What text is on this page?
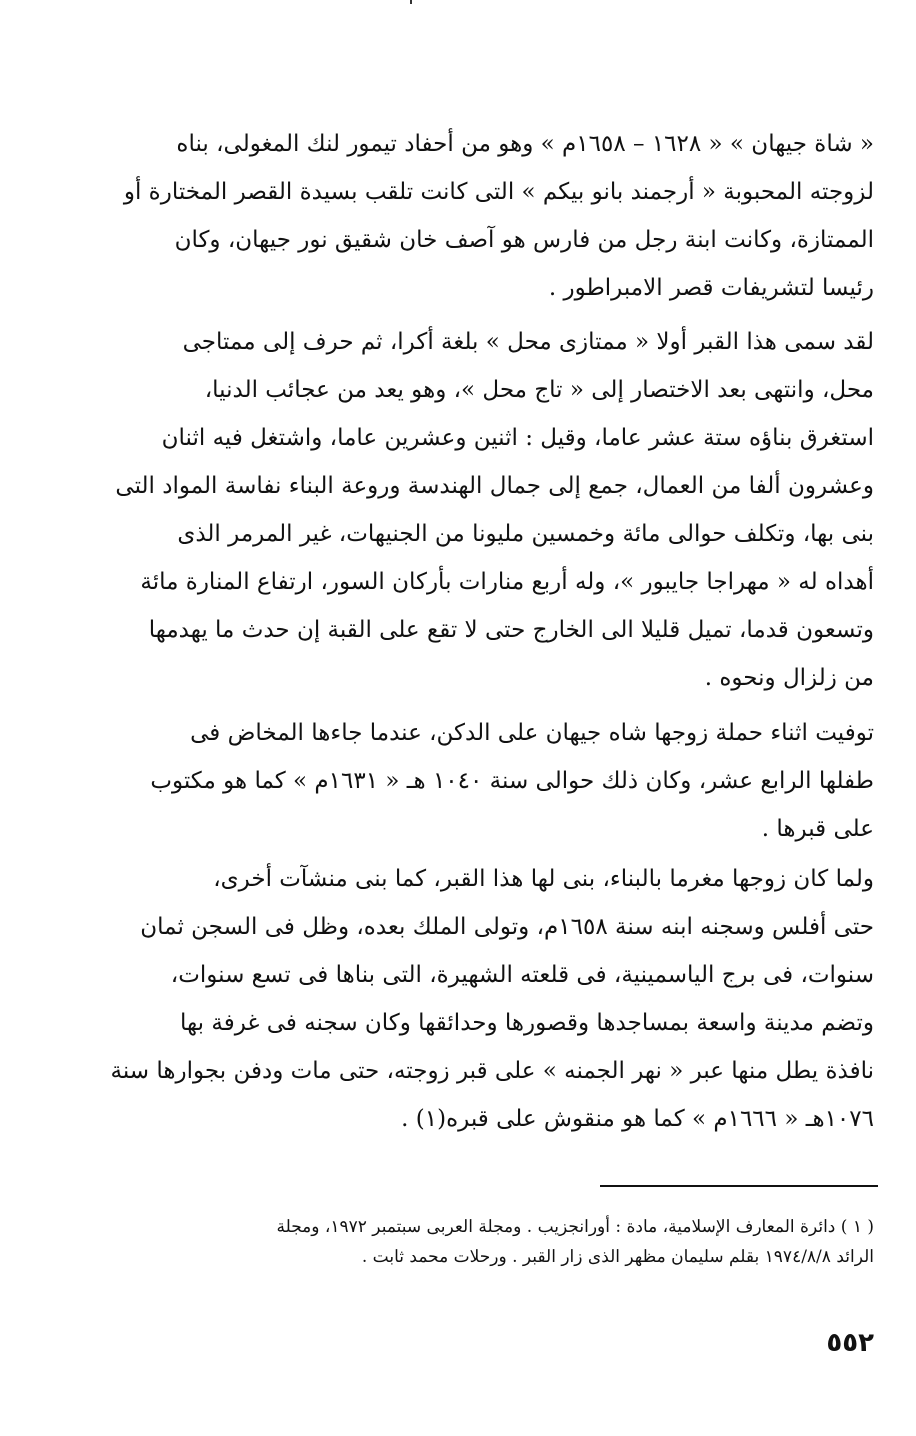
« شاة جيهان » « ١٦٢٨ – ١٦٥٨م » وهو من أحفاد تيمور لنك المغولى، بناه
لزوجته المحبوبة « أرجمند بانو بيكم » التى كانت تلقب بسيدة القصر المختارة أو
الممتازة، وكانت ابنة رجل من فارس هو آصف خان شقيق نور جيهان، وكان
رئيسا لتشريفات قصر الامبراطور .
لقد سمى هذا القبر أولا « ممتازى محل » بلغة أكرا، ثم حرف إلى ممتاجى
محل، وانتهى بعد الاختصار إلى « تاج محل »، وهو يعد من عجائب الدنيا،
استغرق بناؤه ستة عشر عاما، وقيل : اثنين وعشرين عاما، واشتغل فيه اثنان
وعشرون ألفا من العمال، جمع إلى جمال الهندسة وروعة البناء نفاسة المواد التى
بنى بها، وتكلف حوالى مائة وخمسين مليونا من الجنيهات، غير المرمر الذى
أهداه له « مهراجا جايبور »، وله أربع منارات بأركان السور، ارتفاع المنارة مائة
وتسعون قدما، تميل قليلا الى الخارج حتى لا تقع على القبة إن حدث ما يهدمها
من زلزال ونحوه .
توفيت اثناء حملة زوجها شاه جيهان على الدكن، عندما جاءها المخاض فى
طفلها الرابع عشر، وكان ذلك حوالى سنة ١٠٤٠ هـ « ١٦٣١م » كما هو مكتوب
على قبرها .
ولما كان زوجها مغرما بالبناء، بنى لها هذا القبر، كما بنى منشآت أخرى،
حتى أفلس وسجنه ابنه سنة ١٦٥٨م، وتولى الملك بعده، وظل فى السجن ثمان
سنوات، فى برج الياسمينية، فى قلعته الشهيرة، التى بناها فى تسع سنوات،
وتضم مدينة واسعة بمساجدها وقصورها وحدائقها وكان سجنه فى غرفة بها
نافذة يطل منها عبر « نهر الجمنه » على قبر زوجته، حتى مات ودفن بجوارها سنة
١٠٧٦هـ « ١٦٦٦م » كما هو منقوش على قبره(١) .
( ١ ) دائرة المعارف الإسلامية، مادة : أورانجزيب . ومجلة العربى سبتمبر ١٩٧٢، ومجلة
الرائد ١٩٧٤/٨/٨ بقلم سليمان مظهر الذى زار القبر . ورحلات محمد ثابت .
٥٥٢
